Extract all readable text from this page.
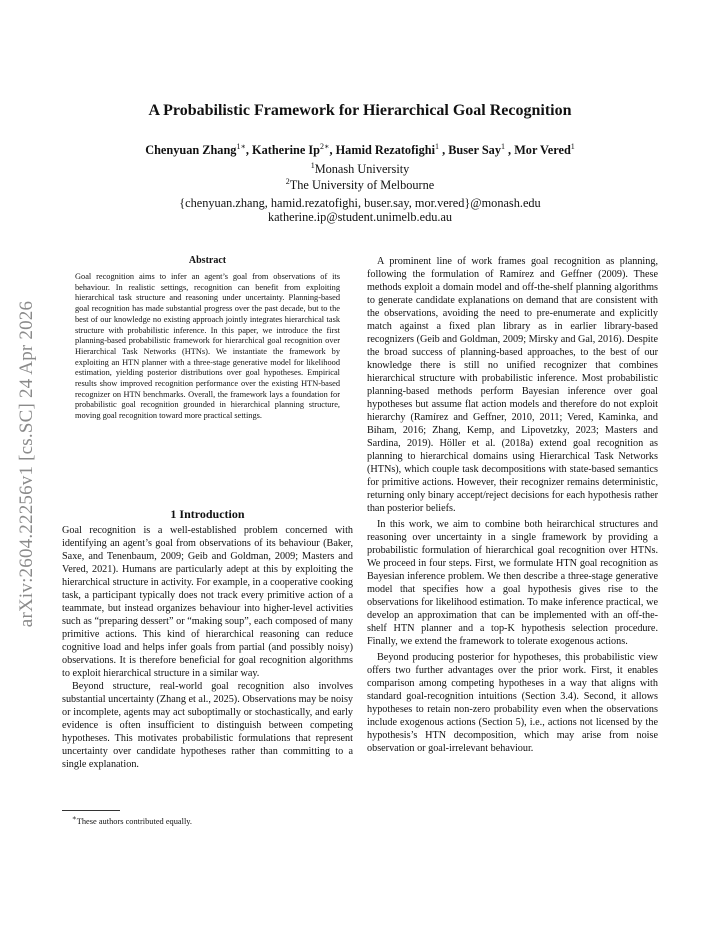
arXiv:2604.22256v1 [cs.SC] 24 Apr 2026
A Probabilistic Framework for Hierarchical Goal Recognition
Chenyuan Zhang$^{1∗}$, Katherine $Ip^{2∗}$, Hamid Rezatofighi$^1$ , Buser Say$^1$ , Mor Vered$^1$
$^1$Monash University
$^2$The University of Melbourne
{chenyuan.zhang, hamid.rezatofighi, buser.say, mor.vered}@monash.edu
katherine.ip@student.unimelb.edu.au
Abstract
Goal recognition aims to infer an agent’s goal from observations of its behaviour. In realistic settings, recognition can benefit from exploiting hierarchical task structure and reasoning under uncertainty. Planning-based goal recognition has made substantial progress over the past decade, but to the best of our knowledge no existing approach jointly integrates hierarchical task structure with probabilistic inference. In this paper, we introduce the first planning-based probabilistic framework for hierarchical goal recognition over Hierarchical Task Networks (HTNs). We instantiate the framework by exploiting an HTN planner with a three-stage generative model for likelihood estimation, yielding posterior distributions over goal hypotheses. Empirical results show improved recognition performance over the existing HTN-based recognizer on HTN benchmarks. Overall, the framework lays a foundation for probabilistic goal recognition grounded in hierarchical planning structure, moving goal recognition toward more practical settings.
1 Introduction

Goal recognition is a well-established problem concerned with identifying an agent’s goal from observations of its behaviour (Baker, Saxe, and Tenenbaum, 2009; Geib and Goldman, 2009; Masters and Vered, 2021). Humans are particularly adept at this by exploiting the hierarchical structure in activity. For example, in a cooperative cooking task, a participant typically does not track every primitive action of a teammate, but instead organizes behaviour into higher-level activities such as “preparing dessert” or “making soup”, each composed of many primitive actions. This kind of hierarchical reasoning can reduce cognitive load and helps infer goals from partial (and possibly noisy) observations. It is therefore beneficial for goal recognition algorithms to exploit hierarchical structure in a similar way.

Beyond structure, real-world goal recognition also involves substantial uncertainty (Zhang et al., 2025). Observations may be noisy or incomplete, agents may act suboptimally or stochastically, and early evidence is often insufficient to distinguish between competing hypotheses. This motivates probabilistic formulations that represent uncertainty over candidate hypotheses rather than committing to a single explanation.

A prominent line of work frames goal recognition as planning, following the formulation of Ramírez and Geffner (2009). These methods exploit a domain model and off-the-shelf planning algorithms to generate candidate explanations on demand that are consistent with the observations, avoiding the need to pre-enumerate and explicitly match against a fixed plan library as in earlier library-based recognizers (Geib and Goldman, 2009; Mirsky and Gal, 2016). Despite the broad success of planning-based approaches, to the best of our knowledge there is still no unified recognizer that combines hierarchical structure with probabilistic inference. Most probabilistic planning-based methods perform Bayesian inference over goal hypotheses but assume flat action models and therefore do not exploit hierarchy (Ramírez and Geffner, 2010, 2011; Vered, Kaminka, and Biham, 2016; Zhang, Kemp, and Lipovetzky, 2023; Masters and Sardina, 2019). Höller et al. (2018a) extend goal recognition as planning to hierarchical domains using Hierarchical Task Networks (HTNs), which couple task decompositions with state-based semantics for primitive actions. However, their recognizer remains deterministic, returning only binary accept/reject decisions for each hypothesis rather than posterior beliefs.

In this work, we aim to combine both heirarchical structures and reasoning over uncertainty in a single framework by providing a probabilistic formulation of hierarchical goal recognition over HTNs. We proceed in four steps. First, we formulate HTN goal recognition as Bayesian inference problem. We then describe a three-stage generative model that specifies how a goal hypothesis gives rise to the observations for likelihood estimation. To make inference practical, we develop an approximation that can be implemented with an off-the-shelf HTN planner and a top-K hypothesis selection procedure. Finally, we extend the framework to tolerate exogenous actions.

Beyond producing posterior for hypotheses, this probabilistic view offers two further advantages over the prior work. First, it enables comparison among competing hypotheses in a way that aligns with standard goal-recognition intuitions (Section 3.4). Second, it allows hypotheses to retain non-zero probability even when the observations include exogenous actions (Section 5), i.e., actions not licensed by the hypothesis’s HTN decomposition, which may arise from noise observation or goal-irrelevant behaviour.

∗These authors contributed equally.
